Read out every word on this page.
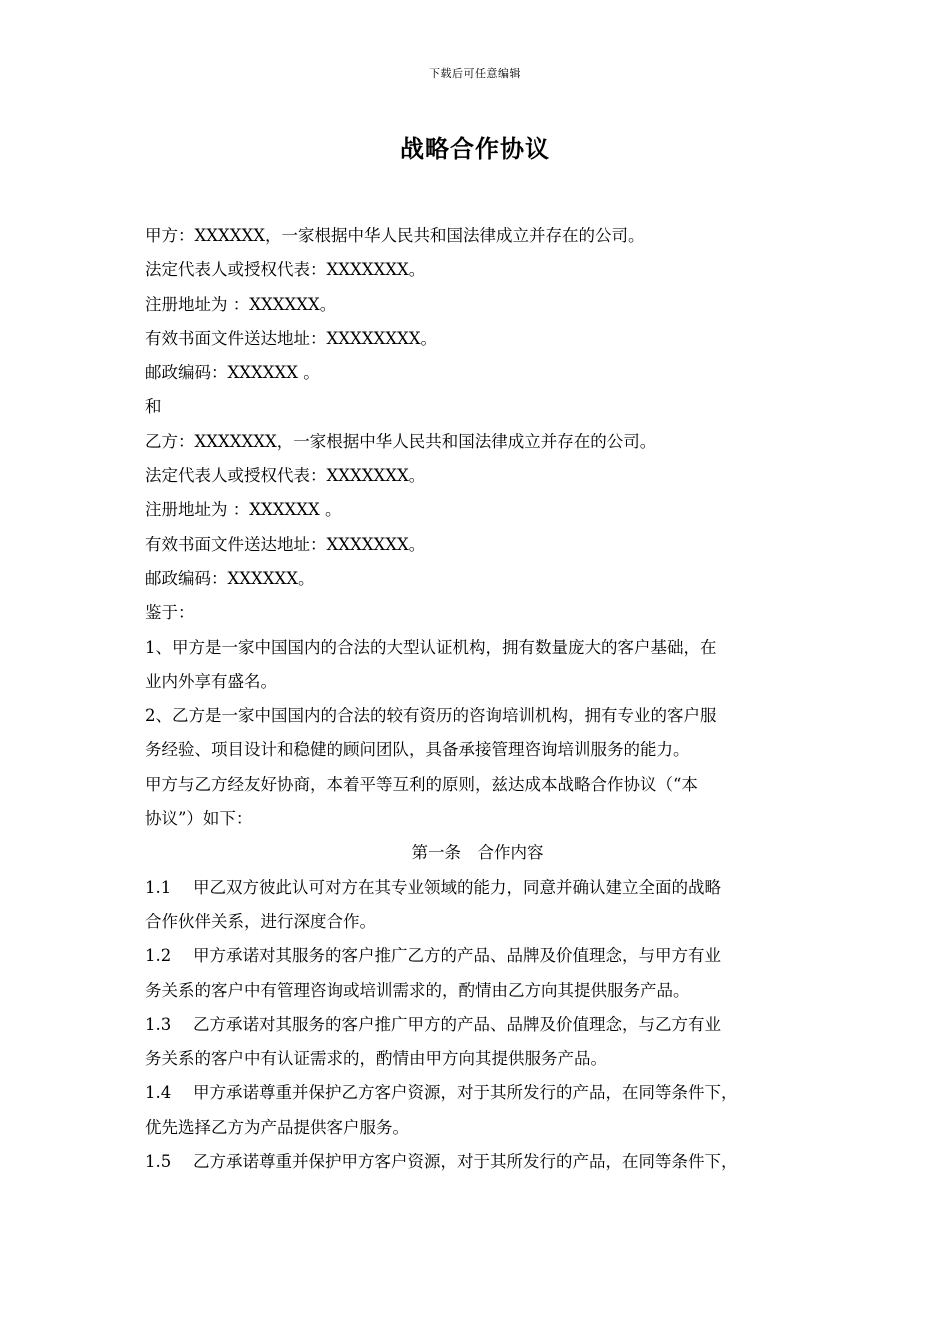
下载后可任意编辑
战略合作协议
甲方：XXXXXX，一家根据中华人民共和国法律成立并存在的公司。
法定代表人或授权代表：XXXXXXX。
注册地址为 ：XXXXXX。
有效书面文件送达地址：XXXXXXXX。
邮政编码：XXXXXX 。
和
乙方：XXXXXXX，一家根据中华人民共和国法律成立并存在的公司。
法定代表人或授权代表：XXXXXXX。
注册地址为 ：XXXXXX 。
有效书面文件送达地址：XXXXXXX。
邮政编码：XXXXXX。
鉴于：
1、甲方是一家中国国内的合法的大型认证机构，拥有数量庞大的客户基础，在
业内外享有盛名。
2、乙方是一家中国国内的合法的较有资历的咨询培训机构，拥有专业的客户服
务经验、项目设计和稳健的顾问团队，具备承接管理咨询培训服务的能力。
甲方与乙方经友好协商，本着平等互利的原则，兹达成本战略合作协议（“本
协议”）如下：
第一条　合作内容
1.1 甲乙双方彼此认可对方在其专业领域的能力，同意并确认建立全面的战略
合作伙伴关系，进行深度合作。
1.2 甲方承诺对其服务的客户推广乙方的产品、品牌及价值理念，与甲方有业
务关系的客户中有管理咨询或培训需求的，酌情由乙方向其提供服务产品。
1.3 乙方承诺对其服务的客户推广甲方的产品、品牌及价值理念，与乙方有业
务关系的客户中有认证需求的，酌情由甲方向其提供服务产品。
1.4 甲方承诺尊重并保护乙方客户资源，对于其所发行的产品，在同等条件下，
优先选择乙方为产品提供客户服务。
1.5 乙方承诺尊重并保护甲方客户资源，对于其所发行的产品，在同等条件下，
